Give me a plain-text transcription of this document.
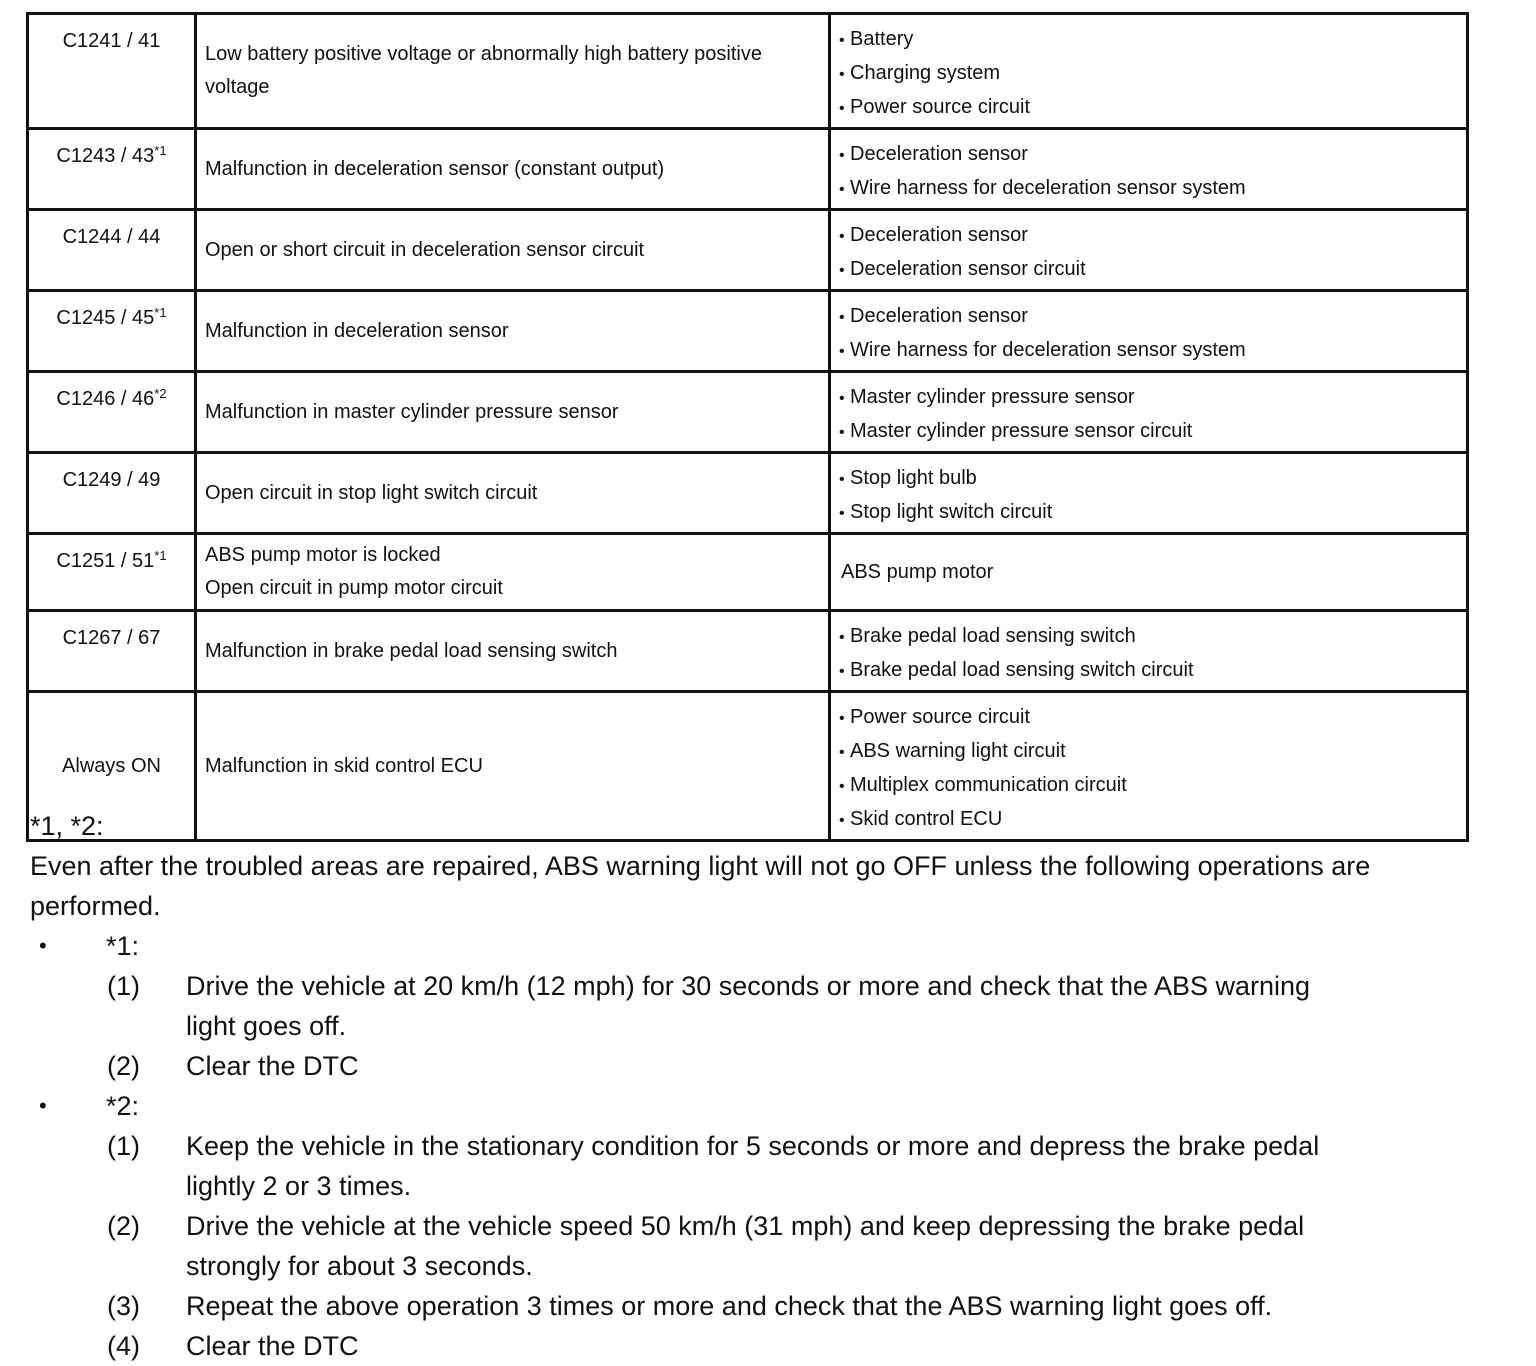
C1241 / 41	Low battery positive voltage or abnormally high battery positive
voltage	• Battery
• Charging system
• Power source circuit

C1243 / 43$^{*1}$	Malfunction in deceleration sensor (constant output)	• Deceleration sensor
• Wire harness for deceleration sensor system

C1244 / 44	Open or short circuit in deceleration sensor circuit	• Deceleration sensor
• Deceleration sensor circuit

C1245 / 45$^{*1}$	Malfunction in deceleration sensor	• Deceleration sensor
• Wire harness for deceleration sensor system

C1246 / 46$^{*2}$	Malfunction in master cylinder pressure sensor	• Master cylinder pressure sensor
• Master cylinder pressure sensor circuit

C1249 / 49	Open circuit in stop light switch circuit	• Stop light bulb
• Stop light switch circuit

C1251 / 51$^{*1}$	ABS pump motor is locked
Open circuit in pump motor circuit	ABS pump motor
C1267 / 67	Malfunction in brake pedal load sensing switch	• Brake pedal load sensing switch
• Brake pedal load sensing switch circuit

Always ON	Malfunction in skid control ECU	• Power source circuit
• ABS warning light circuit
• Multiplex communication circuit
• Skid control ECU
*1, *2:
Even after the troubled areas are repaired, ABS warning light will not go OFF unless the following operations are performed.
• *1:
(1) Drive the vehicle at 20 km/h (12 mph) for 30 seconds or more and check that the ABS warning
light goes off.
(2) Clear the DTC
• *2:
(1) Keep the vehicle in the stationary condition for 5 seconds or more and depress the brake pedal
lightly 2 or 3 times.
(2) Drive the vehicle at the vehicle speed 50 km/h (31 mph) and keep depressing the brake pedal
strongly for about 3 seconds.
(3) Repeat the above operation 3 times or more and check that the ABS warning light goes off.
(4) Clear the DTC
